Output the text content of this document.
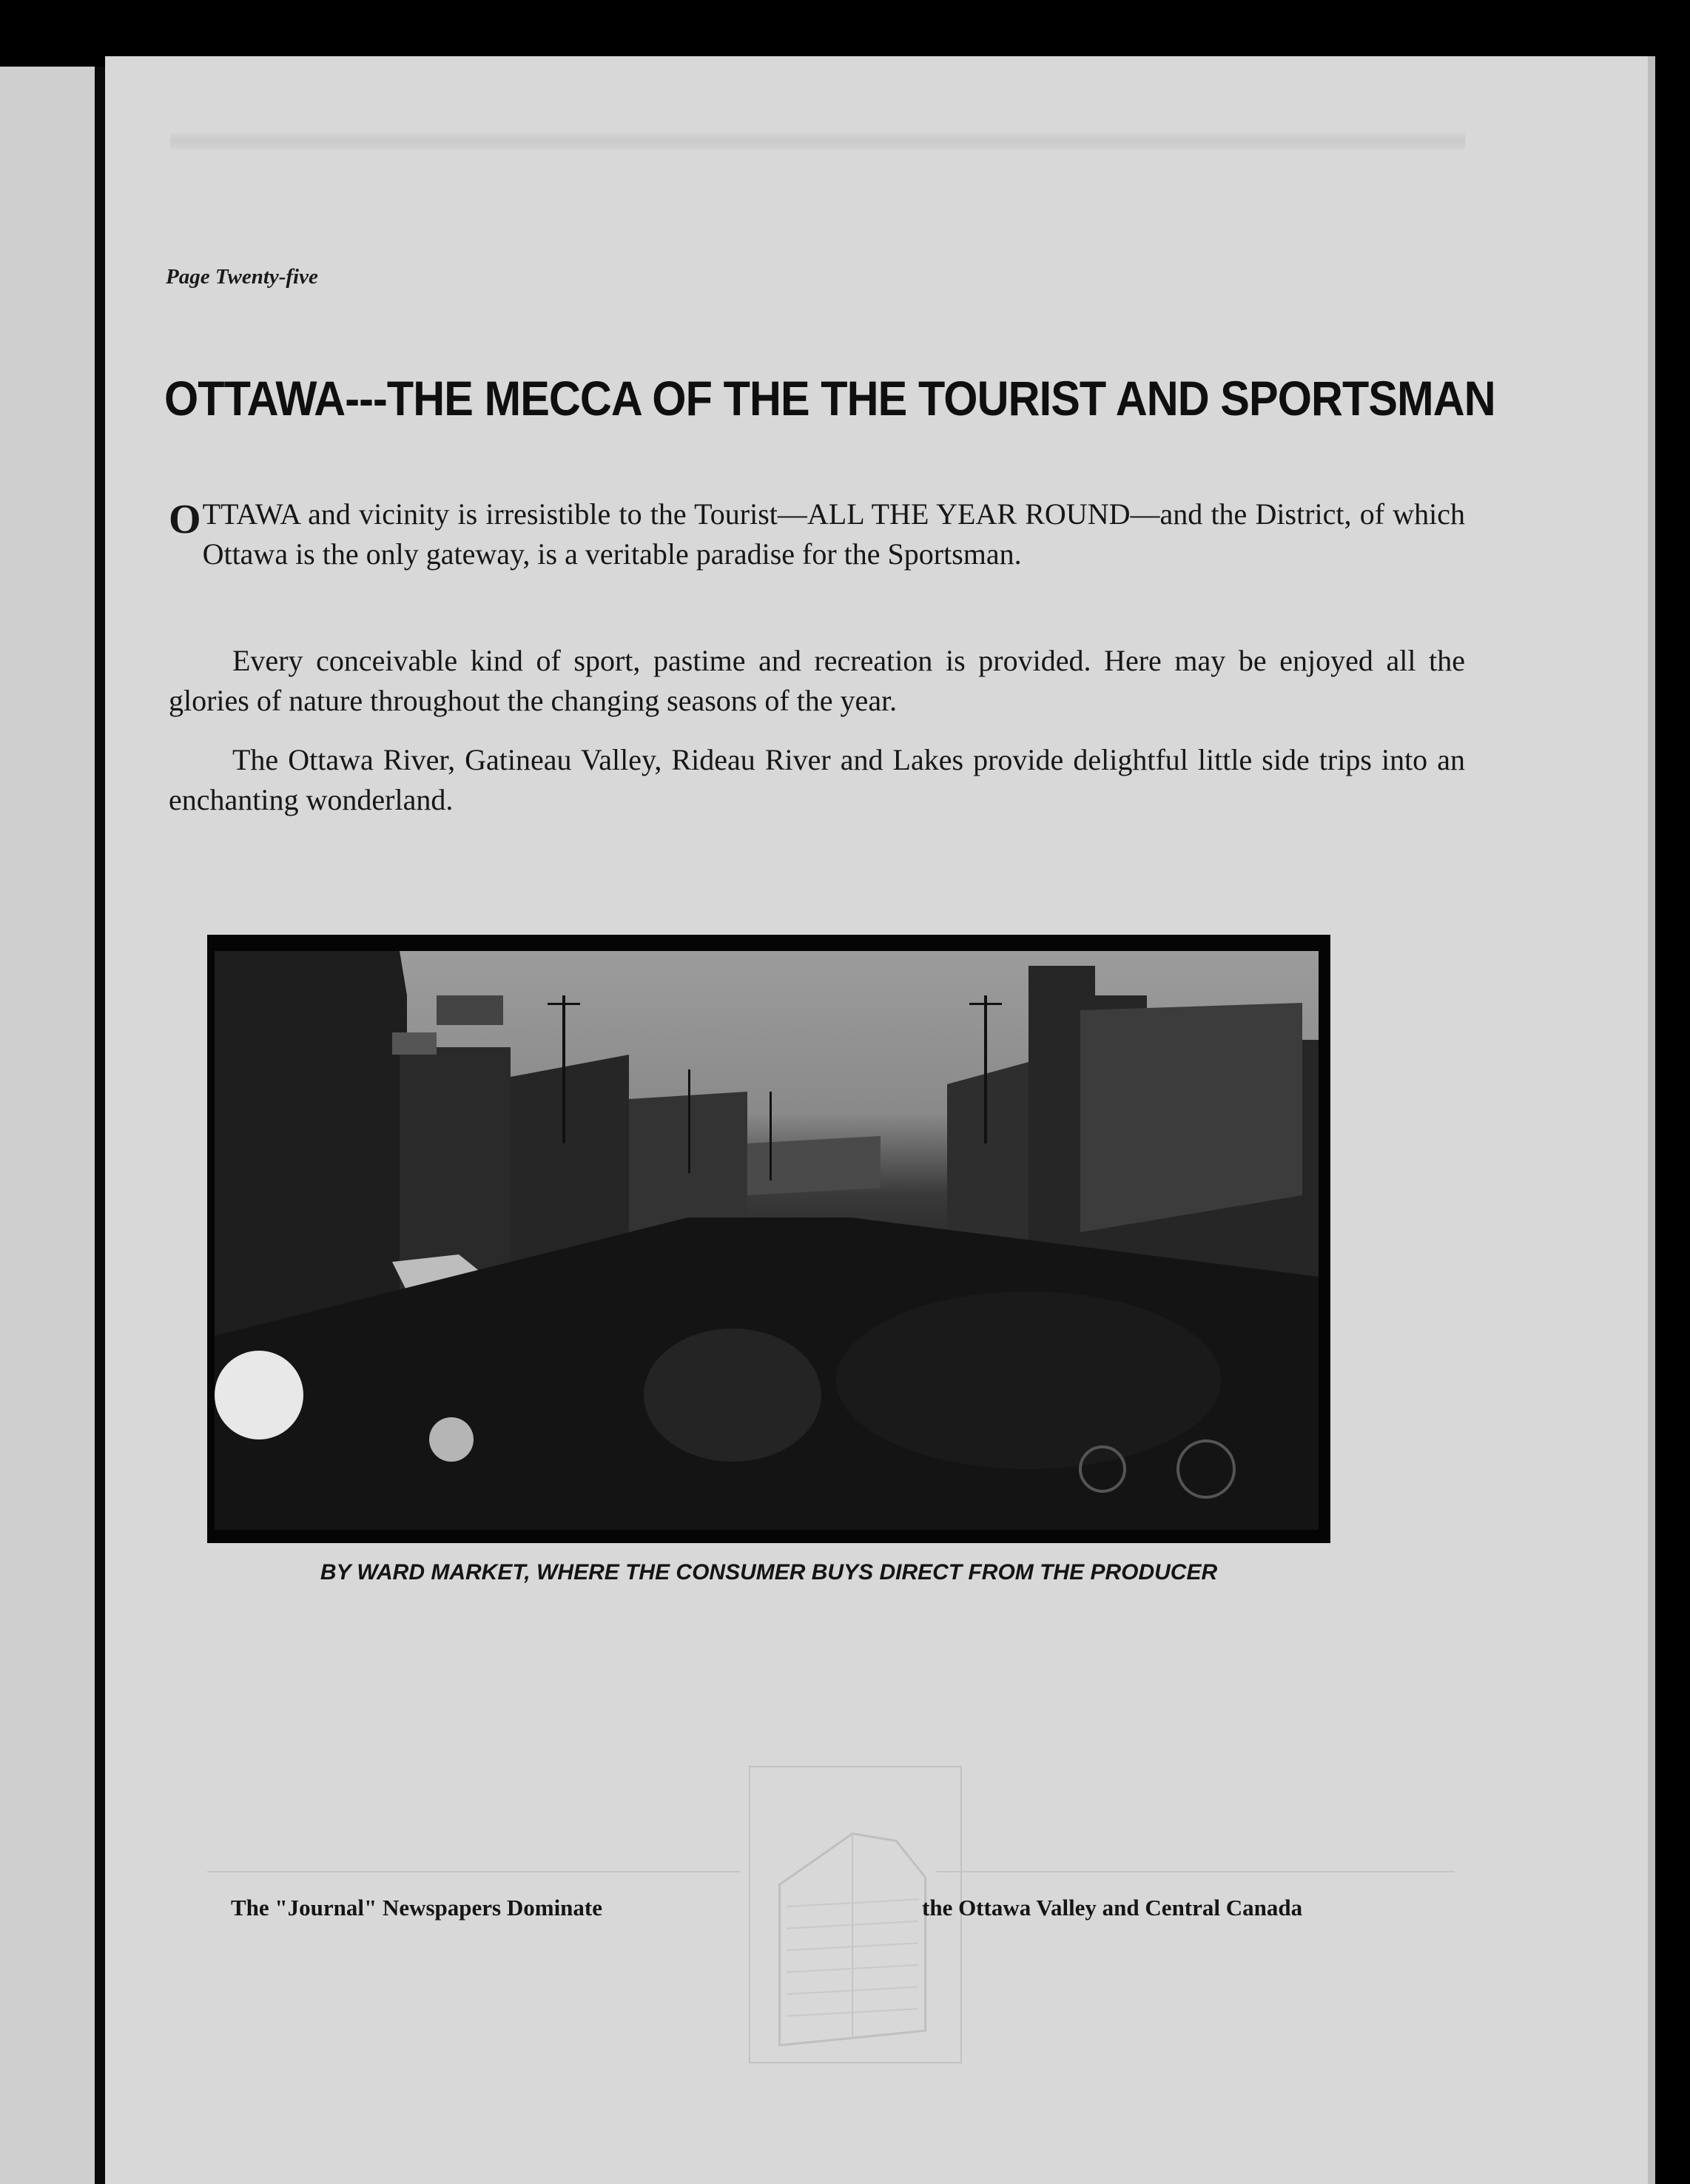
Page Twenty-five
OTTAWA---THE MECCA OF THE THE TOURIST AND SPORTSMAN
O TTAWA and vicinity is irresistible to the Tourist—ALL THE YEAR ROUND—and the District, of which Ottawa is the only gateway, is a veritable paradise for the Sportsman.
Every conceivable kind of sport, pastime and recreation is provided. Here may be enjoyed all the glories of nature throughout the changing seasons of the year.
The Ottawa River, Gatineau Valley, Rideau River and Lakes provide delightful little side trips into an enchanting wonderland.
BY WARD MARKET, WHERE THE CONSUMER BUYS DIRECT FROM THE PRODUCER
The "Journal" Newspapers Dominate	the Ottawa Valley and Central Canada
